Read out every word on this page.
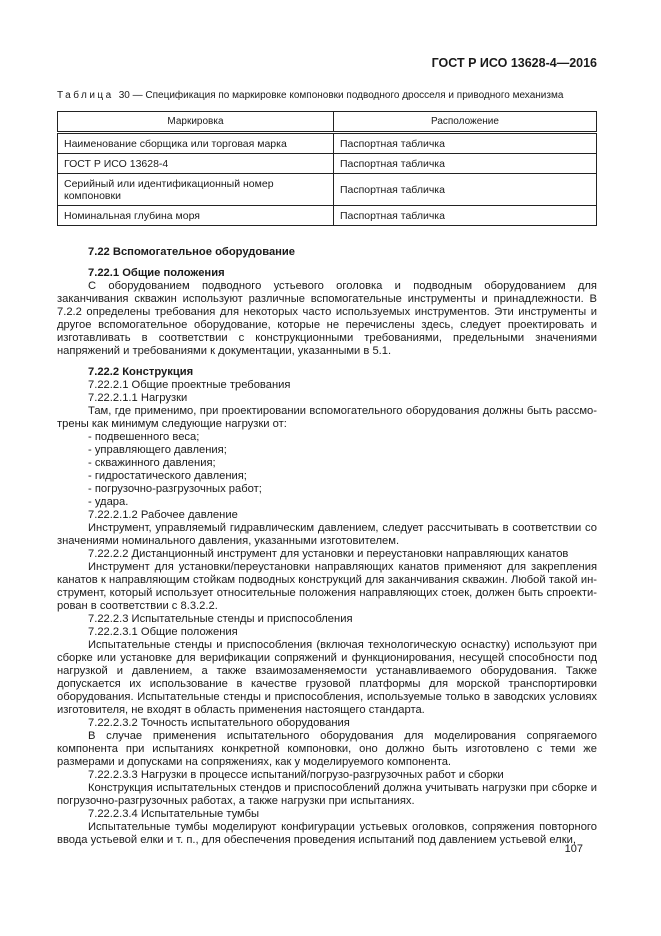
ГОСТ Р ИСО 13628-4—2016
Таблица 30 — Спецификация по маркировке компоновки подводного дросселя и приводного механизма
Маркировка	Расположение
Наименование сборщика или торговая марка	Паспортная табличка
ГОСТ Р ИСО 13628-4	Паспортная табличка
Серийный или идентификационный номер компоновки	Паспортная табличка
Номинальная глубина моря	Паспортная табличка

7.22 Вспомогательное оборудование

7.22.1 Общие положения

С оборудованием подводного устьевого оголовка и подводным оборудованием для заканчивания скважин используют различные вспомогательные инструменты и принадлежности. В 7.2.2 определены требования для некоторых часто используемых инструментов. Эти инструменты и другое вспомогательное оборудование, которые не перечислены здесь, следует проектировать и изготавливать в соответствии с конструкционными требованиями, предельными значениями напряжений и требованиями к документации, указанными в 5.1.

7.22.2 Конструкция

7.22.2.1 Общие проектные требования

7.22.2.1.1 Нагрузки

Там, где применимо, при проектировании вспомогательного оборудования должны быть рассмотрены как минимум следующие нагрузки от:

- подвешенного веса;

- управляющего давления;

- скважинного давления;

- гидростатического давления;

- погрузочно-разгрузочных работ;

- удара.

7.22.2.1.2 Рабочее давление

Инструмент, управляемый гидравлическим давлением, следует рассчитывать в соответствии со значениями номинального давления, указанными изготовителем.

7.22.2.2 Дистанционный инструмент для установки и переустановки направляющих канатов

Инструмент для установки/переустановки направляющих канатов применяют для закрепления канатов к направляющим стойкам подводных конструкций для заканчивания скважин. Любой такой инструмент, который использует относительные положения направляющих стоек, должен быть спроектирован в соответствии с 8.3.2.2.

7.22.2.3 Испытательные стенды и приспособления

7.22.2.3.1 Общие положения

Испытательные стенды и приспособления (включая технологическую оснастку) используют при сборке или установке для верификации сопряжений и функционирования, несущей способности под нагрузкой и давлением, а также взаимозаменяемости устанавливаемого оборудования. Также допускается их использование в качестве грузовой платформы для морской транспортировки оборудования. Испытательные стенды и приспособления, используемые только в заводских условиях изготовителя, не входят в область применения настоящего стандарта.

7.22.2.3.2 Точность испытательного оборудования

В случае применения испытательного оборудования для моделирования сопрягаемого компонента при испытаниях конкретной компоновки, оно должно быть изготовлено с теми же размерами и допусками на сопряжениях, как у моделируемого компонента.

7.22.2.3.3 Нагрузки в процессе испытаний/погрузо-разгрузочных работ и сборки

Конструкция испытательных стендов и приспособлений должна учитывать нагрузки при сборке и погрузочно-разгрузочных работах, а также нагрузки при испытаниях.

7.22.2.3.4 Испытательные тумбы

Испытательные тумбы моделируют конфигурации устьевых оголовков, сопряжения повторного ввода устьевой елки и т. п., для обеспечения проведения испытаний под давлением устьевой елки,

107
